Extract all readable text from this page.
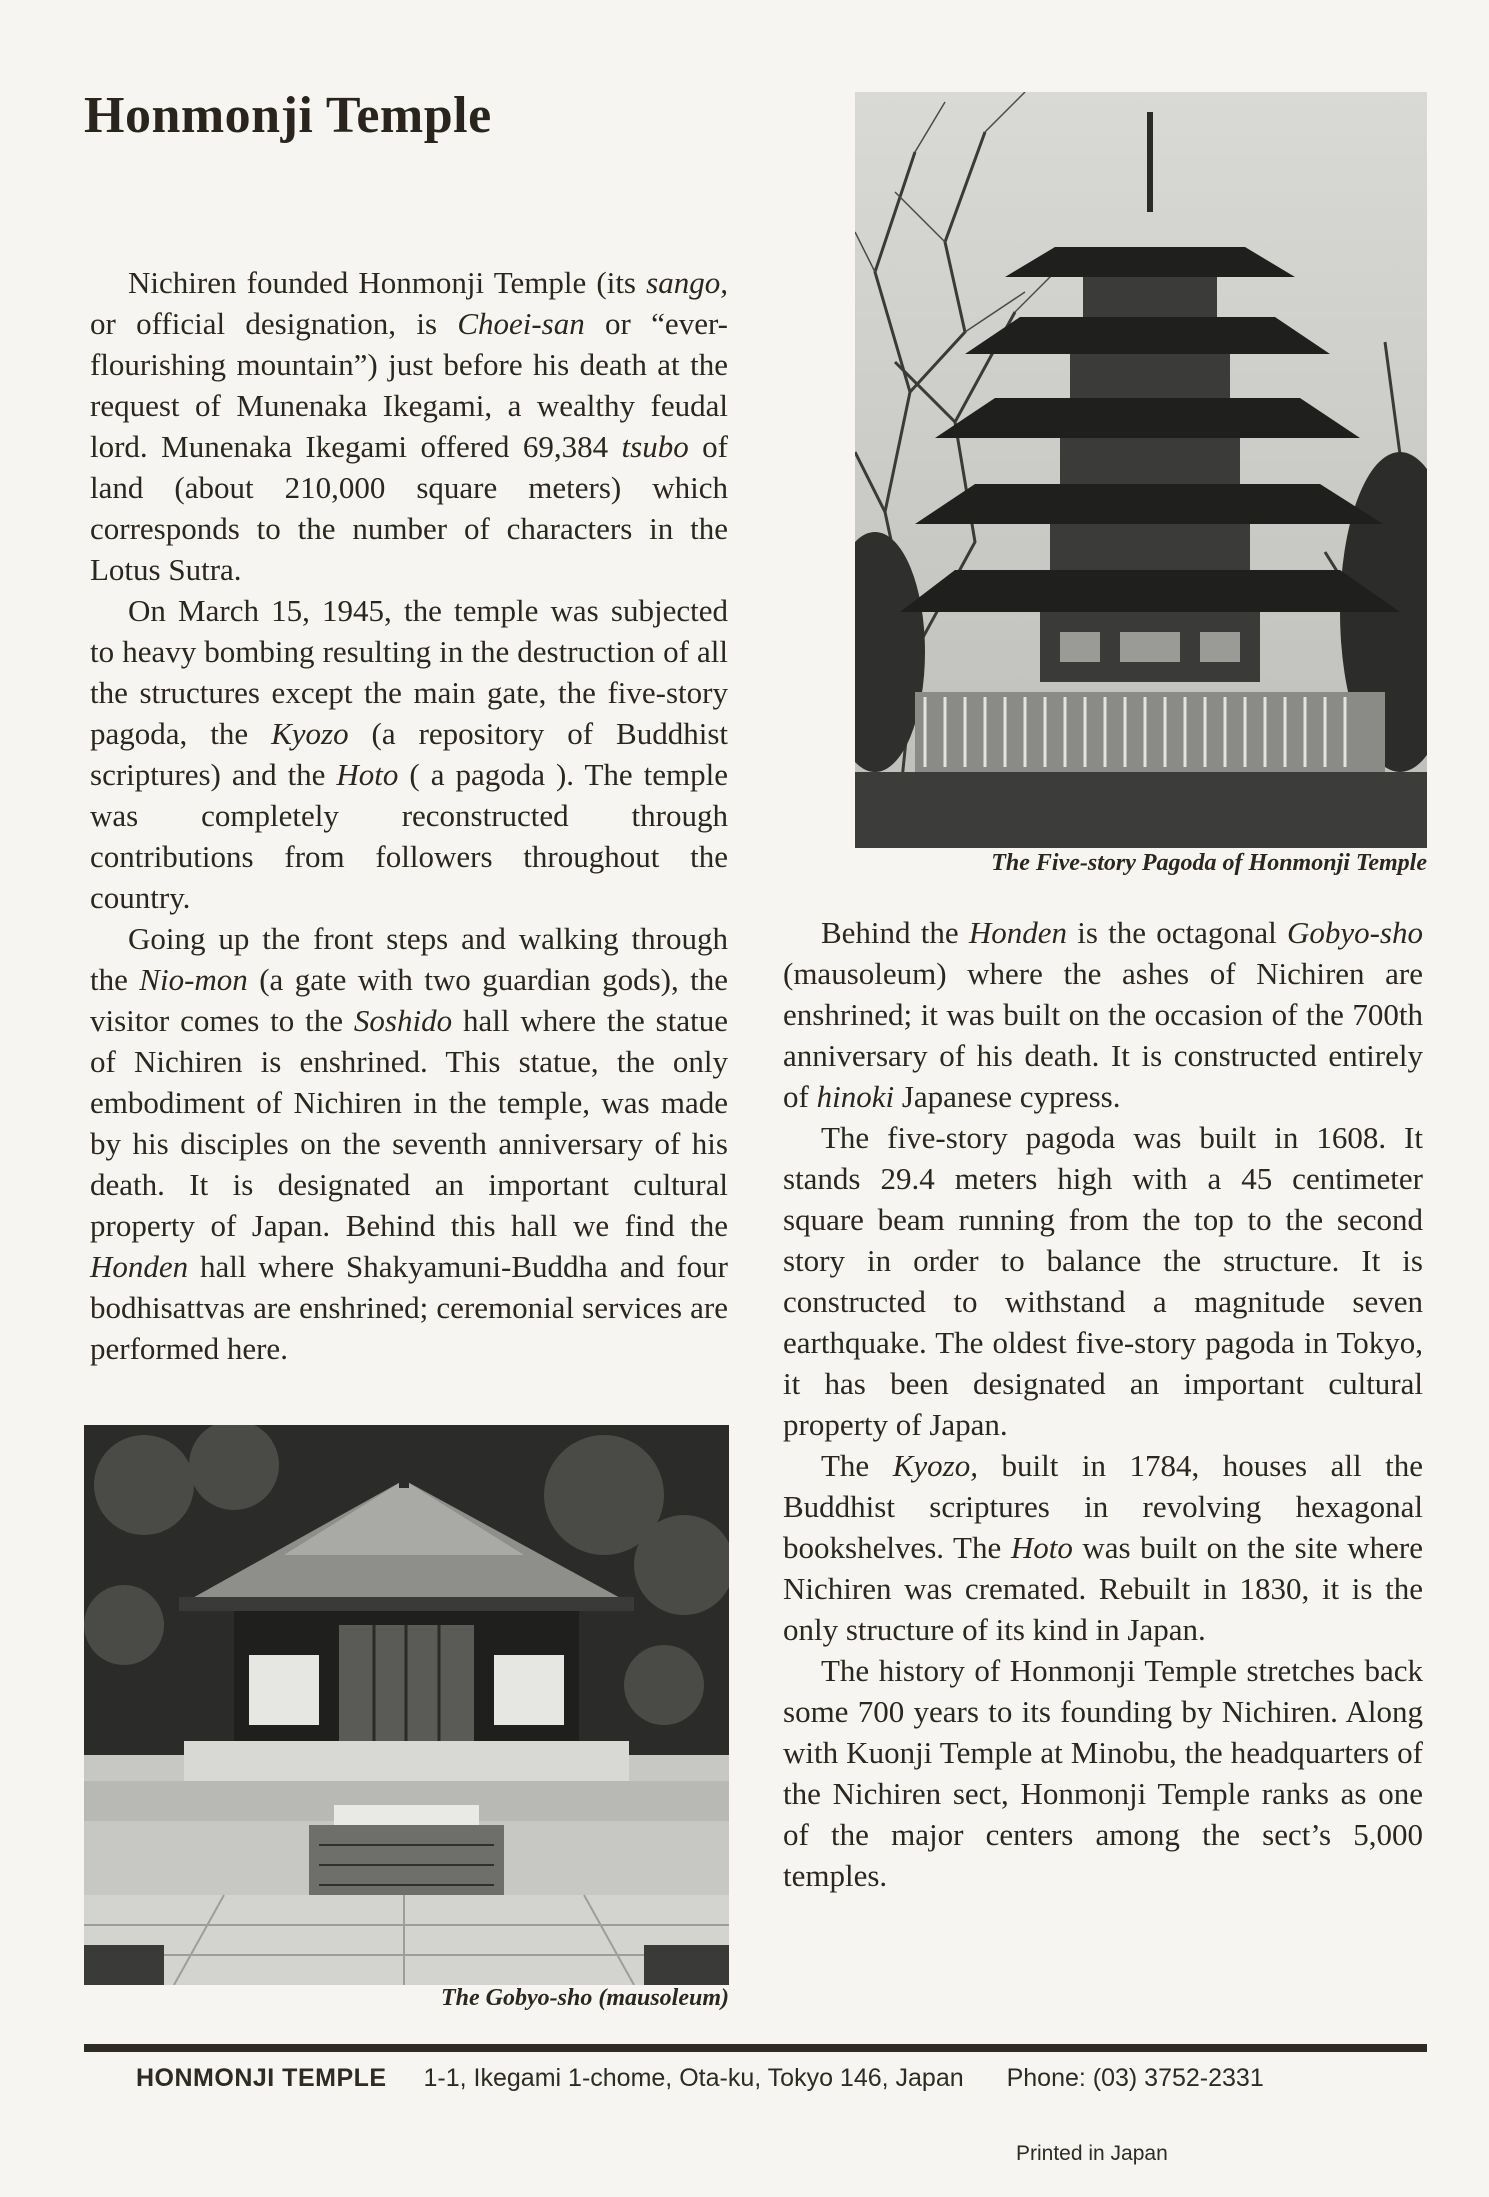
Honmonji Temple

Nichiren founded Honmonji Temple (its sango, or official designation, is Choei-san or “ever-flourishing mountain”) just before his death at the request of Munenaka Ikegami, a wealthy feudal lord. Munenaka Ikegami offered 69,384 tsubo of land (about 210,000 square meters) which corresponds to the number of characters in the Lotus Sutra.

On March 15, 1945, the temple was subjected to heavy bombing resulting in the destruction of all the structures except the main gate, the five-story pagoda, the Kyozo (a repository of Buddhist scriptures) and the Hoto ( a pagoda ). The temple was completely reconstructed through contributions from followers throughout the country.

Going up the front steps and walking through the Nio-mon (a gate with two guardian gods), the visitor comes to the Soshido hall where the statue of Nichiren is enshrined. This statue, the only embodiment of Nichiren in the temple, was made by his disciples on the seventh anniversary of his death. It is designated an important cultural property of Japan. Behind this hall we find the Honden hall where Shakyamuni-Buddha and four bodhisattvas are enshrined; ceremonial services are performed here.

The Five-story Pagoda of Honmonji Temple

Behind the Honden is the octagonal Gobyo-sho (mausoleum) where the ashes of Nichiren are enshrined; it was built on the occasion of the 700th anniversary of his death. It is constructed entirely of hinoki Japanese cypress.

The five-story pagoda was built in 1608. It stands 29.4 meters high with a 45 centimeter square beam running from the top to the second story in order to balance the structure. It is constructed to withstand a magnitude seven earthquake. The oldest five-story pagoda in Tokyo, it has been designated an important cultural property of Japan.

The Kyozo, built in 1784, houses all the Buddhist scriptures in revolving hexagonal bookshelves. The Hoto was built on the site where Nichiren was cremated. Rebuilt in 1830, it is the only structure of its kind in Japan.

The history of Honmonji Temple stretches back some 700 years to its founding by Nichiren. Along with Kuonji Temple at Minobu, the headquarters of the Nichiren sect, Honmonji Temple ranks as one of the major centers among the sect’s 5,000 temples.

The Gobyo-sho (mausoleum)
HONMONJI TEMPLE 1-1, Ikegami 1-chome, Ota-ku, Tokyo 146, Japan Phone: (03) 3752-2331
Printed in Japan
